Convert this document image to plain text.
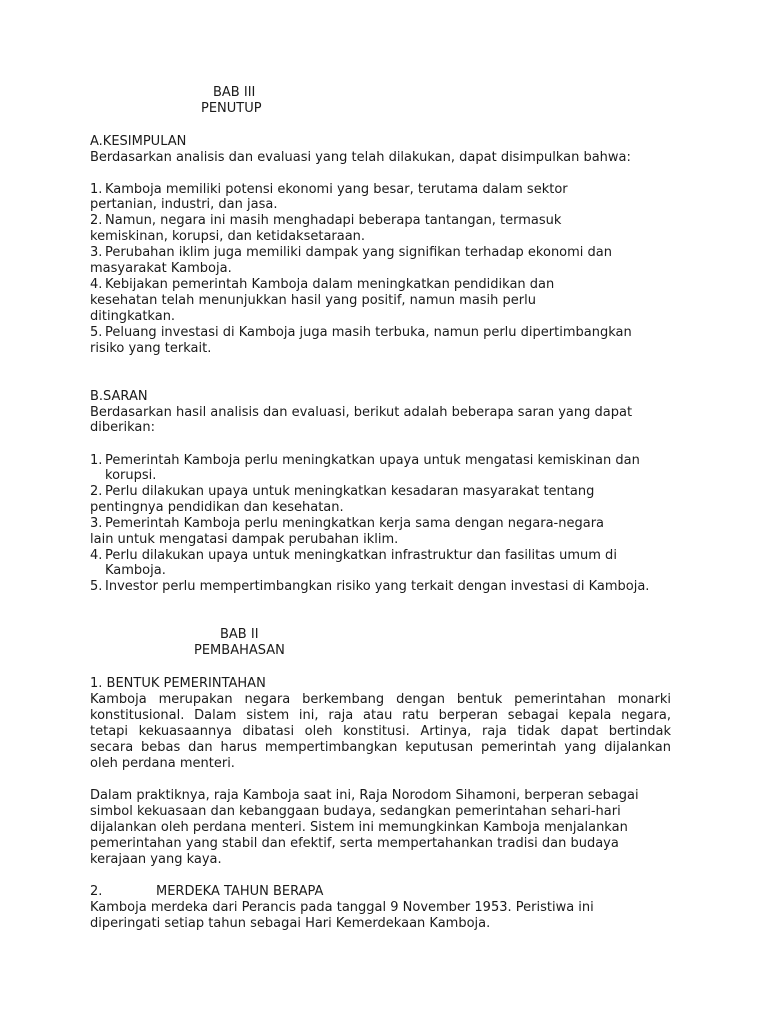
BAB III
PENUTUP
A.KESIMPULAN
Berdasarkan analisis dan evaluasi yang telah dilakukan, dapat disimpulkan bahwa:
1. Kamboja memiliki potensi ekonomi yang besar, terutama dalam sektor
pertanian, industri, dan jasa.
2. Namun, negara ini masih menghadapi beberapa tantangan, termasuk
kemiskinan, korupsi, dan ketidaksetaraan.
3. Perubahan iklim juga memiliki dampak yang signifikan terhadap ekonomi dan
masyarakat Kamboja.
4. Kebijakan pemerintah Kamboja dalam meningkatkan pendidikan dan
kesehatan telah menunjukkan hasil yang positif, namun masih perlu
ditingkatkan.
5. Peluang investasi di Kamboja juga masih terbuka, namun perlu dipertimbangkan
risiko yang terkait.
B.SARAN
Berdasarkan hasil analisis dan evaluasi, berikut adalah beberapa saran yang dapat
diberikan:
1. Pemerintah Kamboja perlu meningkatkan upaya untuk mengatasi kemiskinan dan
korupsi.
2. Perlu dilakukan upaya untuk meningkatkan kesadaran masyarakat tentang
pentingnya pendidikan dan kesehatan.
3. Pemerintah Kamboja perlu meningkatkan kerja sama dengan negara-negara
lain untuk mengatasi dampak perubahan iklim.
4. Perlu dilakukan upaya untuk meningkatkan infrastruktur dan fasilitas umum di
Kamboja.
5. Investor perlu mempertimbangkan risiko yang terkait dengan investasi di Kamboja.
BAB II
PEMBAHASAN
1. BENTUK PEMERINTAHAN
Kamboja merupakan negara berkembang dengan bentuk pemerintahan monarki
konstitusional. Dalam sistem ini, raja atau ratu berperan sebagai kepala negara,
tetapi kekuasaannya dibatasi oleh konstitusi. Artinya, raja tidak dapat bertindak
secara bebas dan harus mempertimbangkan keputusan pemerintah yang dijalankan
oleh perdana menteri.
Dalam praktiknya, raja Kamboja saat ini, Raja Norodom Sihamoni, berperan sebagai
simbol kekuasaan dan kebanggaan budaya, sedangkan pemerintahan sehari-hari
dijalankan oleh perdana menteri. Sistem ini memungkinkan Kamboja menjalankan
pemerintahan yang stabil dan efektif, serta mempertahankan tradisi dan budaya
kerajaan yang kaya.
2.	MERDEKA TAHUN BERAPA
Kamboja merdeka dari Perancis pada tanggal 9 November 1953. Peristiwa ini
diperingati setiap tahun sebagai Hari Kemerdekaan Kamboja.
